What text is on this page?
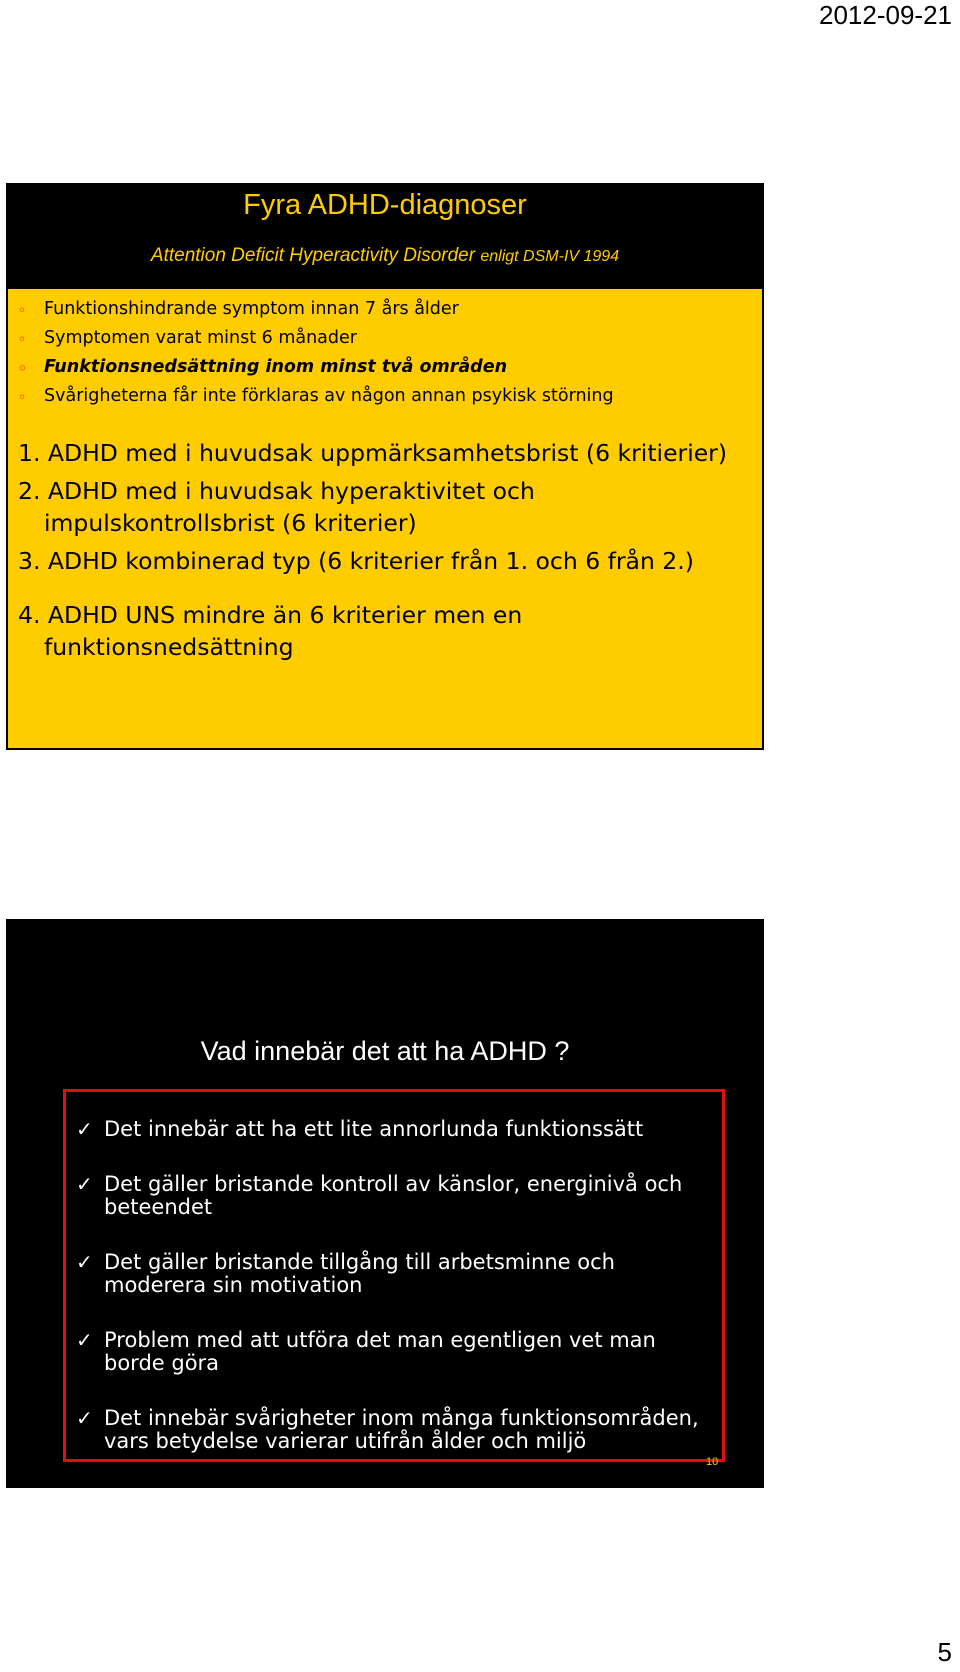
2012-09-21
Fyra ADHD-diagnoser
Attention Deficit Hyperactivity Disorder enligt DSM-IV 1994
◦ Funktionshindrande symptom innan 7 års ålder
◦ Symptomen varat minst 6 månader
◦ Funktionsnedsättning inom minst två områden
◦ Svårigheterna får inte förklaras av någon annan psykisk störning
1. ADHD med i huvudsak uppmärksamhetsbrist (6 kritierier)
2. ADHD med i huvudsak hyperaktivitet och impulskontrollsbrist (6 kriterier)
3. ADHD kombinerad typ (6 kriterier från 1. och 6 från 2.)
4. ADHD UNS mindre än 6 kriterier men en funktionsnedsättning
Vad innebär det att ha ADHD ?
✓ Det innebär att ha ett lite annorlunda funktionssätt
✓ Det gäller bristande kontroll av känslor, energinivå och beteendet
✓ Det gäller bristande tillgång till arbetsminne och moderera sin motivation
✓ Problem med att utföra det man egentligen vet man borde göra
✓ Det innebär svårigheter inom många funktionsområden, vars betydelse varierar utifrån ålder och miljö
10
5
